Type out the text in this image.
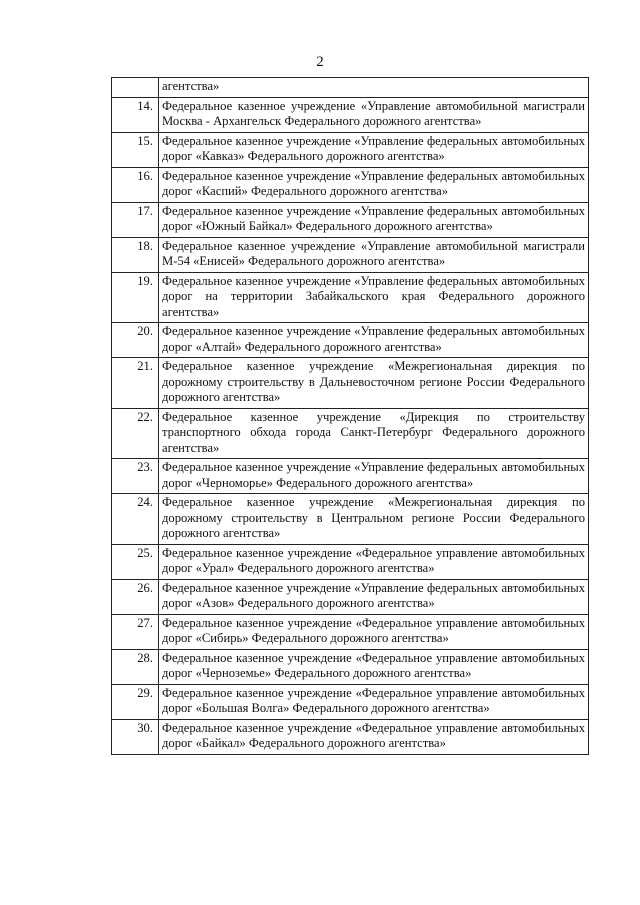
2
	агентства»
14.	Федеральное казенное учреждение «Управление автомобильной магистрали Москва - Архангельск Федерального дорожного агентства»
15.	Федеральное казенное учреждение «Управление федеральных автомобильных дорог «Кавказ» Федерального дорожного агентства»
16.	Федеральное казенное учреждение «Управление федеральных автомобильных дорог «Каспий» Федерального дорожного агентства»
17.	Федеральное казенное учреждение «Управление федеральных автомобильных дорог «Южный Байкал» Федерального дорожного агентства»
18.	Федеральное казенное учреждение «Управление автомобильной магистрали М-54 «Енисей» Федерального дорожного агентства»
19.	Федеральное казенное учреждение «Управление федеральных автомобильных дорог на территории Забайкальского края Федерального дорожного агентства»
20.	Федеральное казенное учреждение «Управление федеральных автомобильных дорог «Алтай» Федерального дорожного агентства»
21.	Федеральное казенное учреждение «Межрегиональная дирекция по дорожному строительству в Дальневосточном регионе России Федерального дорожного агентства»
22.	Федеральное казенное учреждение «Дирекция по строительству транспортного обхода города Санкт-Петербург Федерального дорожного агентства»
23.	Федеральное казенное учреждение «Управление федеральных автомобильных дорог «Черноморье» Федерального дорожного агентства»
24.	Федеральное казенное учреждение «Межрегиональная дирекция по дорожному строительству в Центральном регионе России Федерального дорожного агентства»
25.	Федеральное казенное учреждение «Федеральное управление автомобильных дорог «Урал» Федерального дорожного агентства»
26.	Федеральное казенное учреждение «Управление федеральных автомобильных дорог «Азов» Федерального дорожного агентства»
27.	Федеральное казенное учреждение «Федеральное управление автомобильных дорог «Сибирь» Федерального дорожного агентства»
28.	Федеральное казенное учреждение «Федеральное управление автомобильных дорог «Черноземье» Федерального дорожного агентства»
29.	Федеральное казенное учреждение «Федеральное управление автомобильных дорог «Большая Волга» Федерального дорожного агентства»
30.	Федеральное казенное учреждение «Федеральное управление автомобильных дорог «Байкал» Федерального дорожного агентства»
